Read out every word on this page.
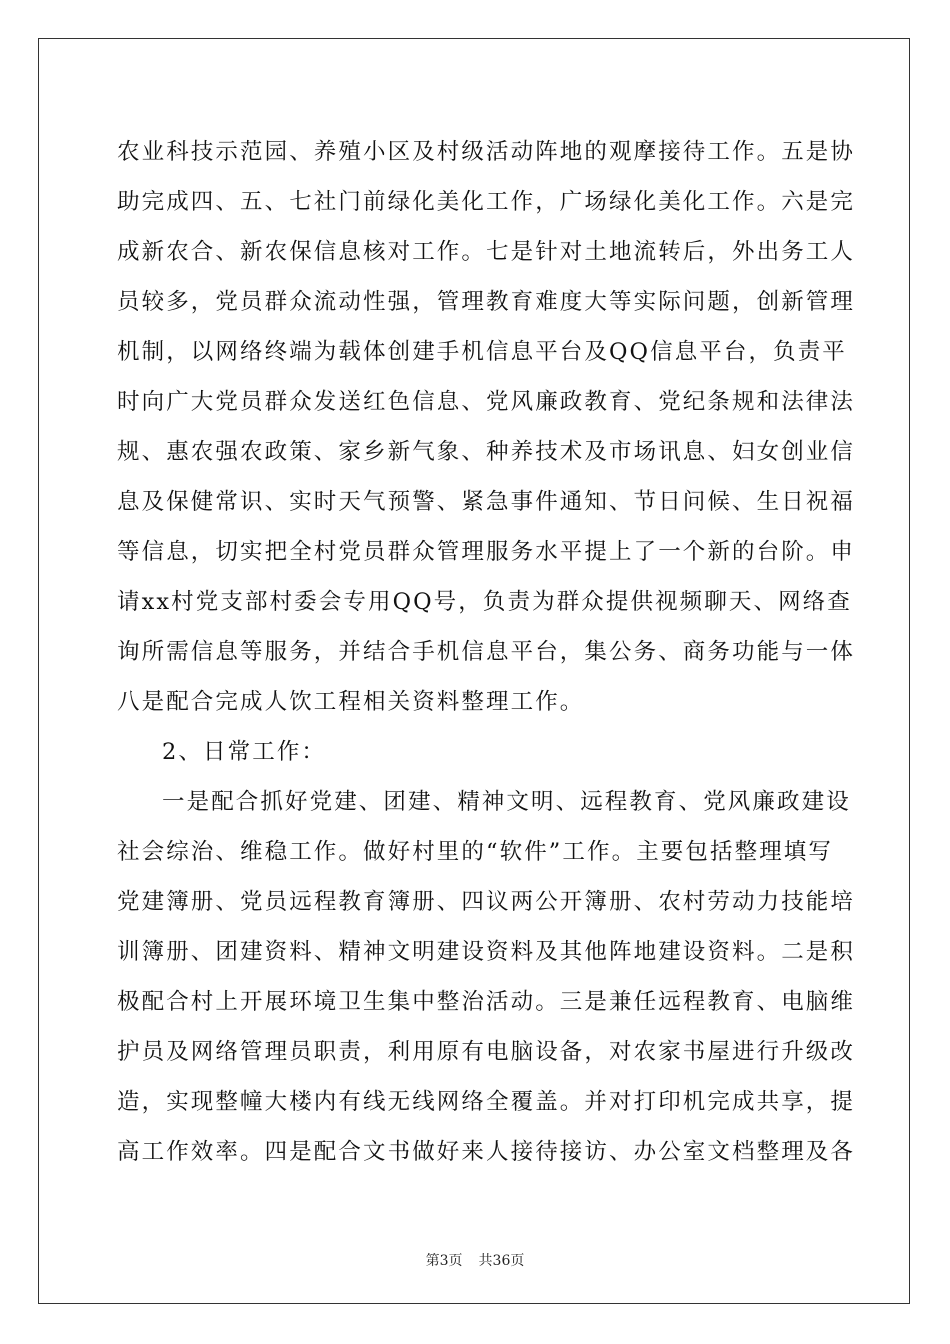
农业科技示范园、养殖小区及村级活动阵地的观摩接待工作。五是协
助完成四、五、七社门前绿化美化工作，广场绿化美化工作。六是完
成新农合、新农保信息核对工作。七是针对土地流转后，外出务工人
员较多，党员群众流动性强，管理教育难度大等实际问题，创新管理
机制，以网络终端为载体创建手机信息平台及QQ信息平台，负责平
时向广大党员群众发送红色信息、党风廉政教育、党纪条规和法律法
规、惠农强农政策、家乡新气象、种养技术及市场讯息、妇女创业信
息及保健常识、实时天气预警、紧急事件通知、节日问候、生日祝福
等信息，切实把全村党员群众管理服务水平提上了一个新的台阶。申
请xx村党支部村委会专用QQ号，负责为群众提供视频聊天、网络查
询所需信息等服务，并结合手机信息平台，集公务、商务功能与一体
八是配合完成人饮工程相关资料整理工作。
2、日常工作：
一是配合抓好党建、团建、精神文明、远程教育、党风廉政建设
社会综治、维稳工作。做好村里的“软件”工作。主要包括整理填写
党建簿册、党员远程教育簿册、四议两公开簿册、农村劳动力技能培
训簿册、团建资料、精神文明建设资料及其他阵地建设资料。二是积
极配合村上开展环境卫生集中整治活动。三是兼任远程教育、电脑维
护员及网络管理员职责，利用原有电脑设备，对农家书屋进行升级改
造，实现整幢大楼内有线无线网络全覆盖。并对打印机完成共享，提
高工作效率。四是配合文书做好来人接待接访、办公室文档整理及各
第3页 共36页
